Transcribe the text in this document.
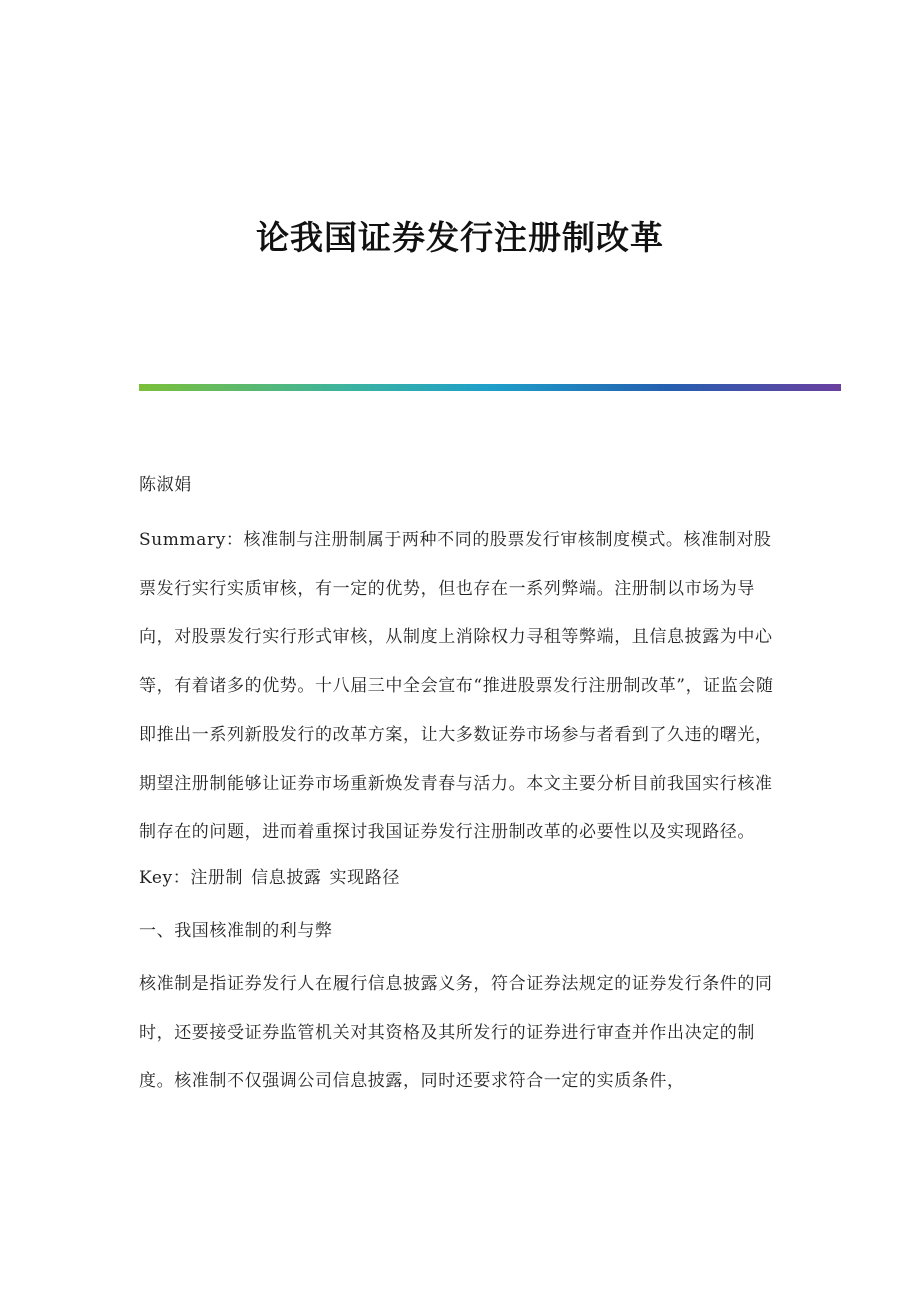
论我国证券发行注册制改革

陈淑娟

Summary：核准制与注册制属于两种不同的股票发行审核制度模式。核准制对股票发行实行实质审核，有一定的优势，但也存在一系列弊端。注册制以市场为导向，对股票发行实行形式审核，从制度上消除权力寻租等弊端，且信息披露为中心等，有着诸多的优势。十八届三中全会宣布“推进股票发行注册制改革”，证监会随即推出一系列新股发行的改革方案，让大多数证券市场参与者看到了久违的曙光，期望注册制能够让证券市场重新焕发青春与活力。本文主要分析目前我国实行核准制存在的问题，进而着重探讨我国证券发行注册制改革的必要性以及实现路径。

Key：注册制 信息披露 实现路径

一、我国核准制的利与弊

核准制是指证券发行人在履行信息披露义务，符合证券法规定的证券发行条件的同时，还要接受证券监管机关对其资格及其所发行的证券进行审查并作出决定的制度。核准制不仅强调公司信息披露，同时还要求符合一定的实质条件，
